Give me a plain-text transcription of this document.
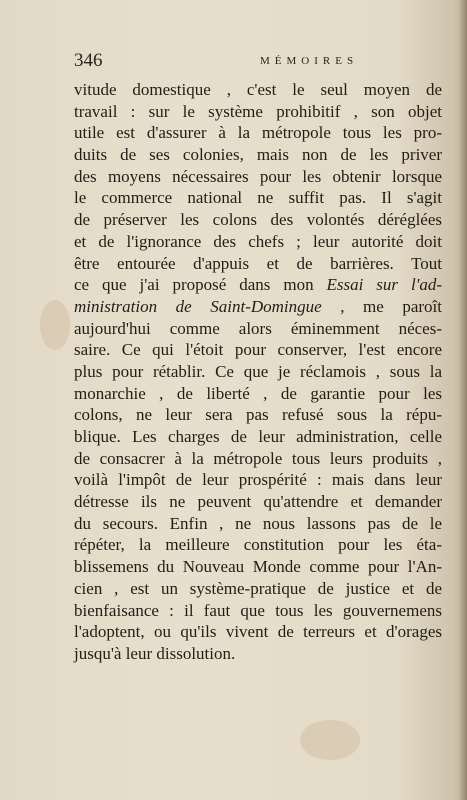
346	MÉMOIRES
vitude domestique , c'est le seul moyen de
travail : sur le système prohibitif , son objet
utile est d'assurer à la métropole tous les pro-
duits de ses colonies, mais non de les priver
des moyens nécessaires pour les obtenir lorsque
le commerce national ne suffit pas. Il s'agit
de préserver les colons des volontés déréglées
et de l'ignorance des chefs ; leur autorité doit
être entourée d'appuis et de barrières. Tout
ce que j'ai proposé dans mon Essai sur l'ad-
ministration de Saint-Domingue , me paroît
aujourd'hui comme alors éminemment néces-
saire. Ce qui l'étoit pour conserver, l'est encore
plus pour rétablir. Ce que je réclamois , sous la
monarchie , de liberté , de garantie pour les
colons, ne leur sera pas refusé sous la répu-
blique. Les charges de leur administration, celle
de consacrer à la métropole tous leurs produits ,
voilà l'impôt de leur prospérité : mais dans leur
détresse ils ne peuvent qu'attendre et demander
du secours. Enfin , ne nous lassons pas de le
répéter, la meilleure constitution pour les éta-
blissemens du Nouveau Monde comme pour l'An-
cien , est un système-pratique de justice et de
bienfaisance : il faut que tous les gouvernemens
l'adoptent, ou qu'ils vivent de terreurs et d'orages
jusqu'à leur dissolution.
